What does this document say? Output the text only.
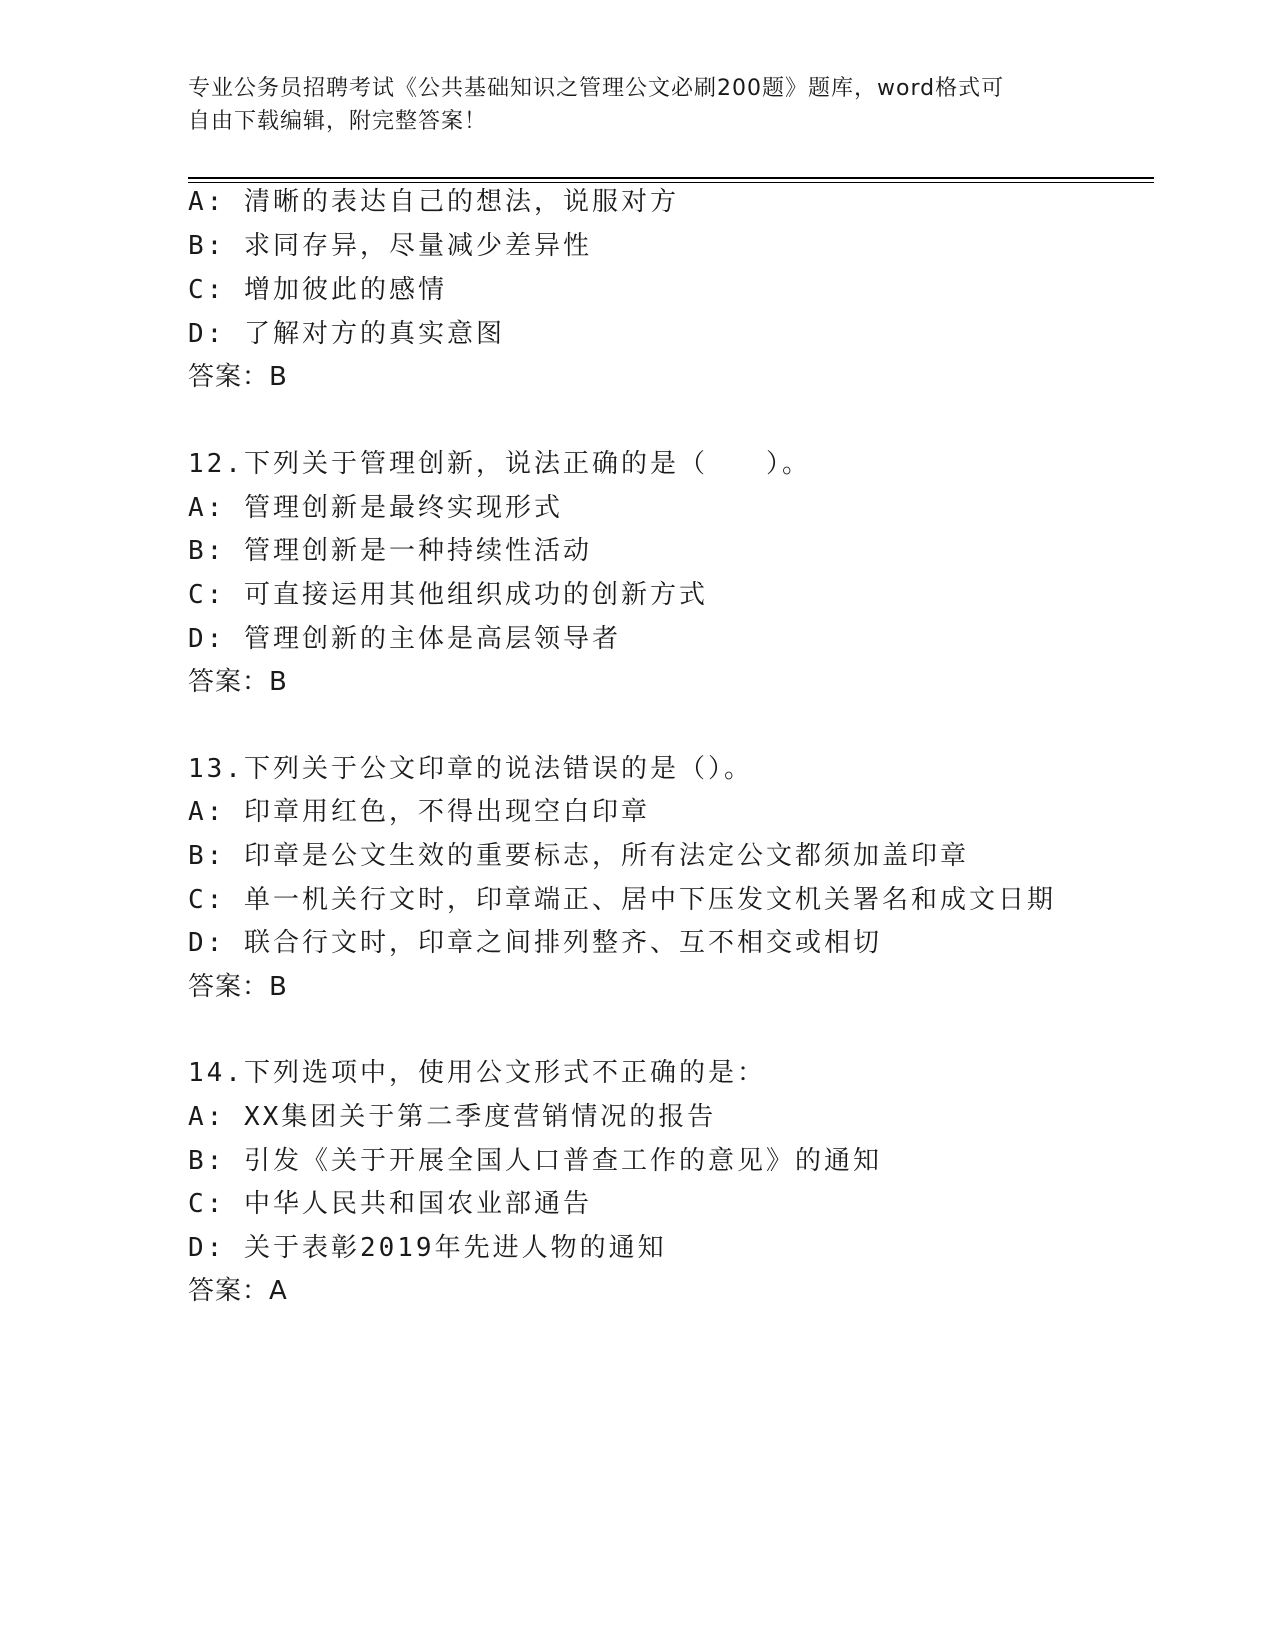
专业公务员招聘考试《公共基础知识之管理公文必刷200题》题库，word格式可
自由下载编辑，附完整答案！
A: 清晰的表达自己的想法，说服对方
B: 求同存异，尽量减少差异性
C: 增加彼此的感情
D: 了解对方的真实意图
答案：B
12.下列关于管理创新，说法正确的是（　　）。
A: 管理创新是最终实现形式
B: 管理创新是一种持续性活动
C: 可直接运用其他组织成功的创新方式
D: 管理创新的主体是高层领导者
答案：B
13.下列关于公文印章的说法错误的是（）。
A: 印章用红色，不得出现空白印章
B: 印章是公文生效的重要标志，所有法定公文都须加盖印章
C: 单一机关行文时，印章端正、居中下压发文机关署名和成文日期
D: 联合行文时，印章之间排列整齐、互不相交或相切
答案：B
14.下列选项中，使用公文形式不正确的是：
A: XX集团关于第二季度营销情况的报告
B: 引发《关于开展全国人口普查工作的意见》的通知
C: 中华人民共和国农业部通告
D: 关于表彰2019年先进人物的通知
答案：A
